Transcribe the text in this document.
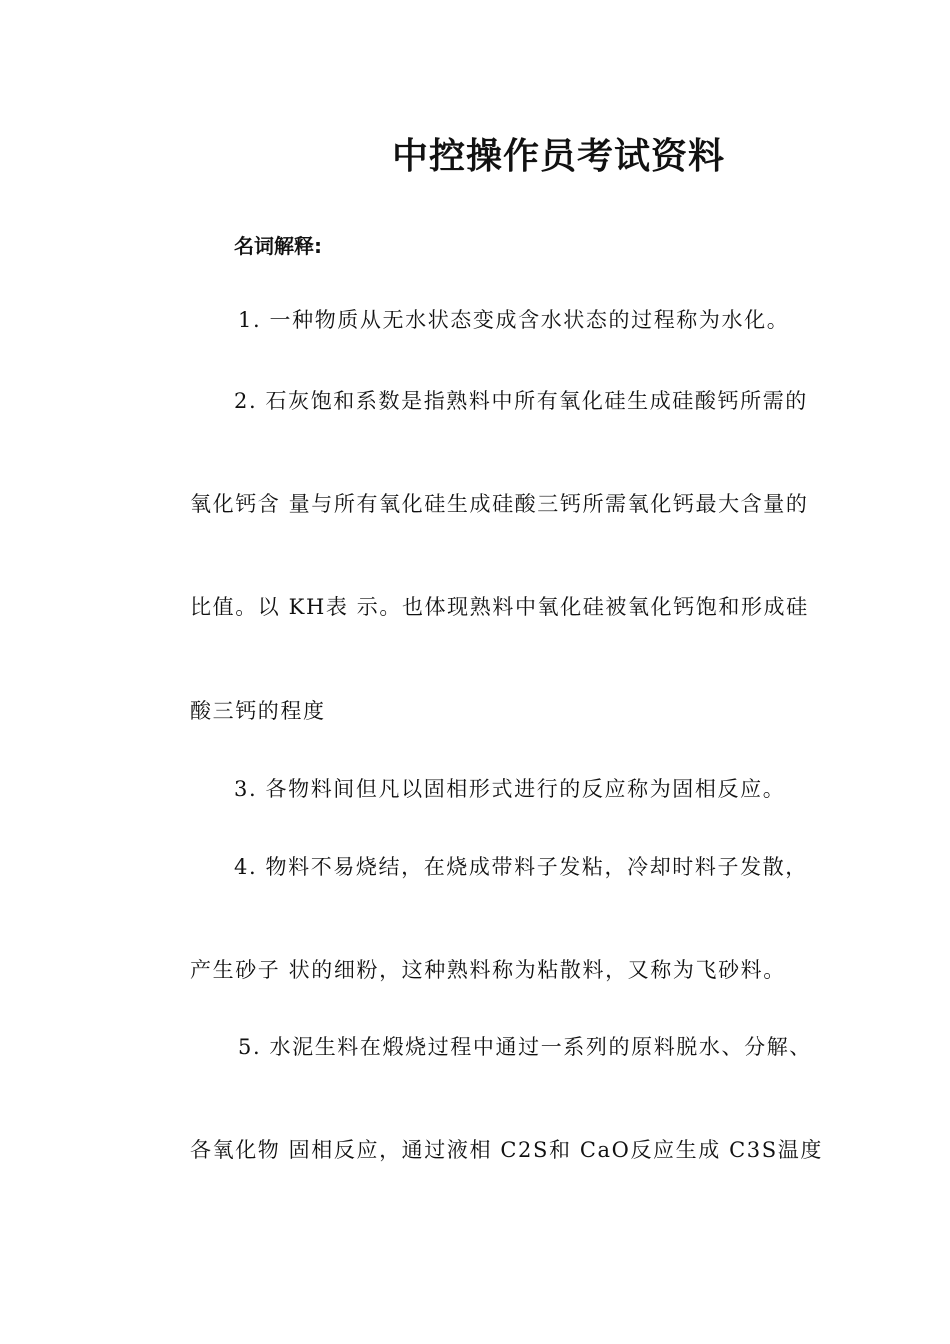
中控操作员考试资料
名词解释:
1. 一种物质从无水状态变成含水状态的过程称为水化。
2. 石灰饱和系数是指熟料中所有氧化硅生成硅酸钙所需的
氧化钙含 量与所有氧化硅生成硅酸三钙所需氧化钙最大含量的
比值。以 KH表 示。也体现熟料中氧化硅被氧化钙饱和形成硅
酸三钙的程度
3. 各物料间但凡以固相形式进行的反应称为固相反应。
4. 物料不易烧结，在烧成带料子发粘，冷却时料子发散，
产生砂子 状的细粉，这种熟料称为粘散料，又称为飞砂料。
5. 水泥生料在煅烧过程中通过一系列的原料脱水、分解、
各氧化物 固相反应，通过液相 C2S和 CaO反应生成 C3S温度
